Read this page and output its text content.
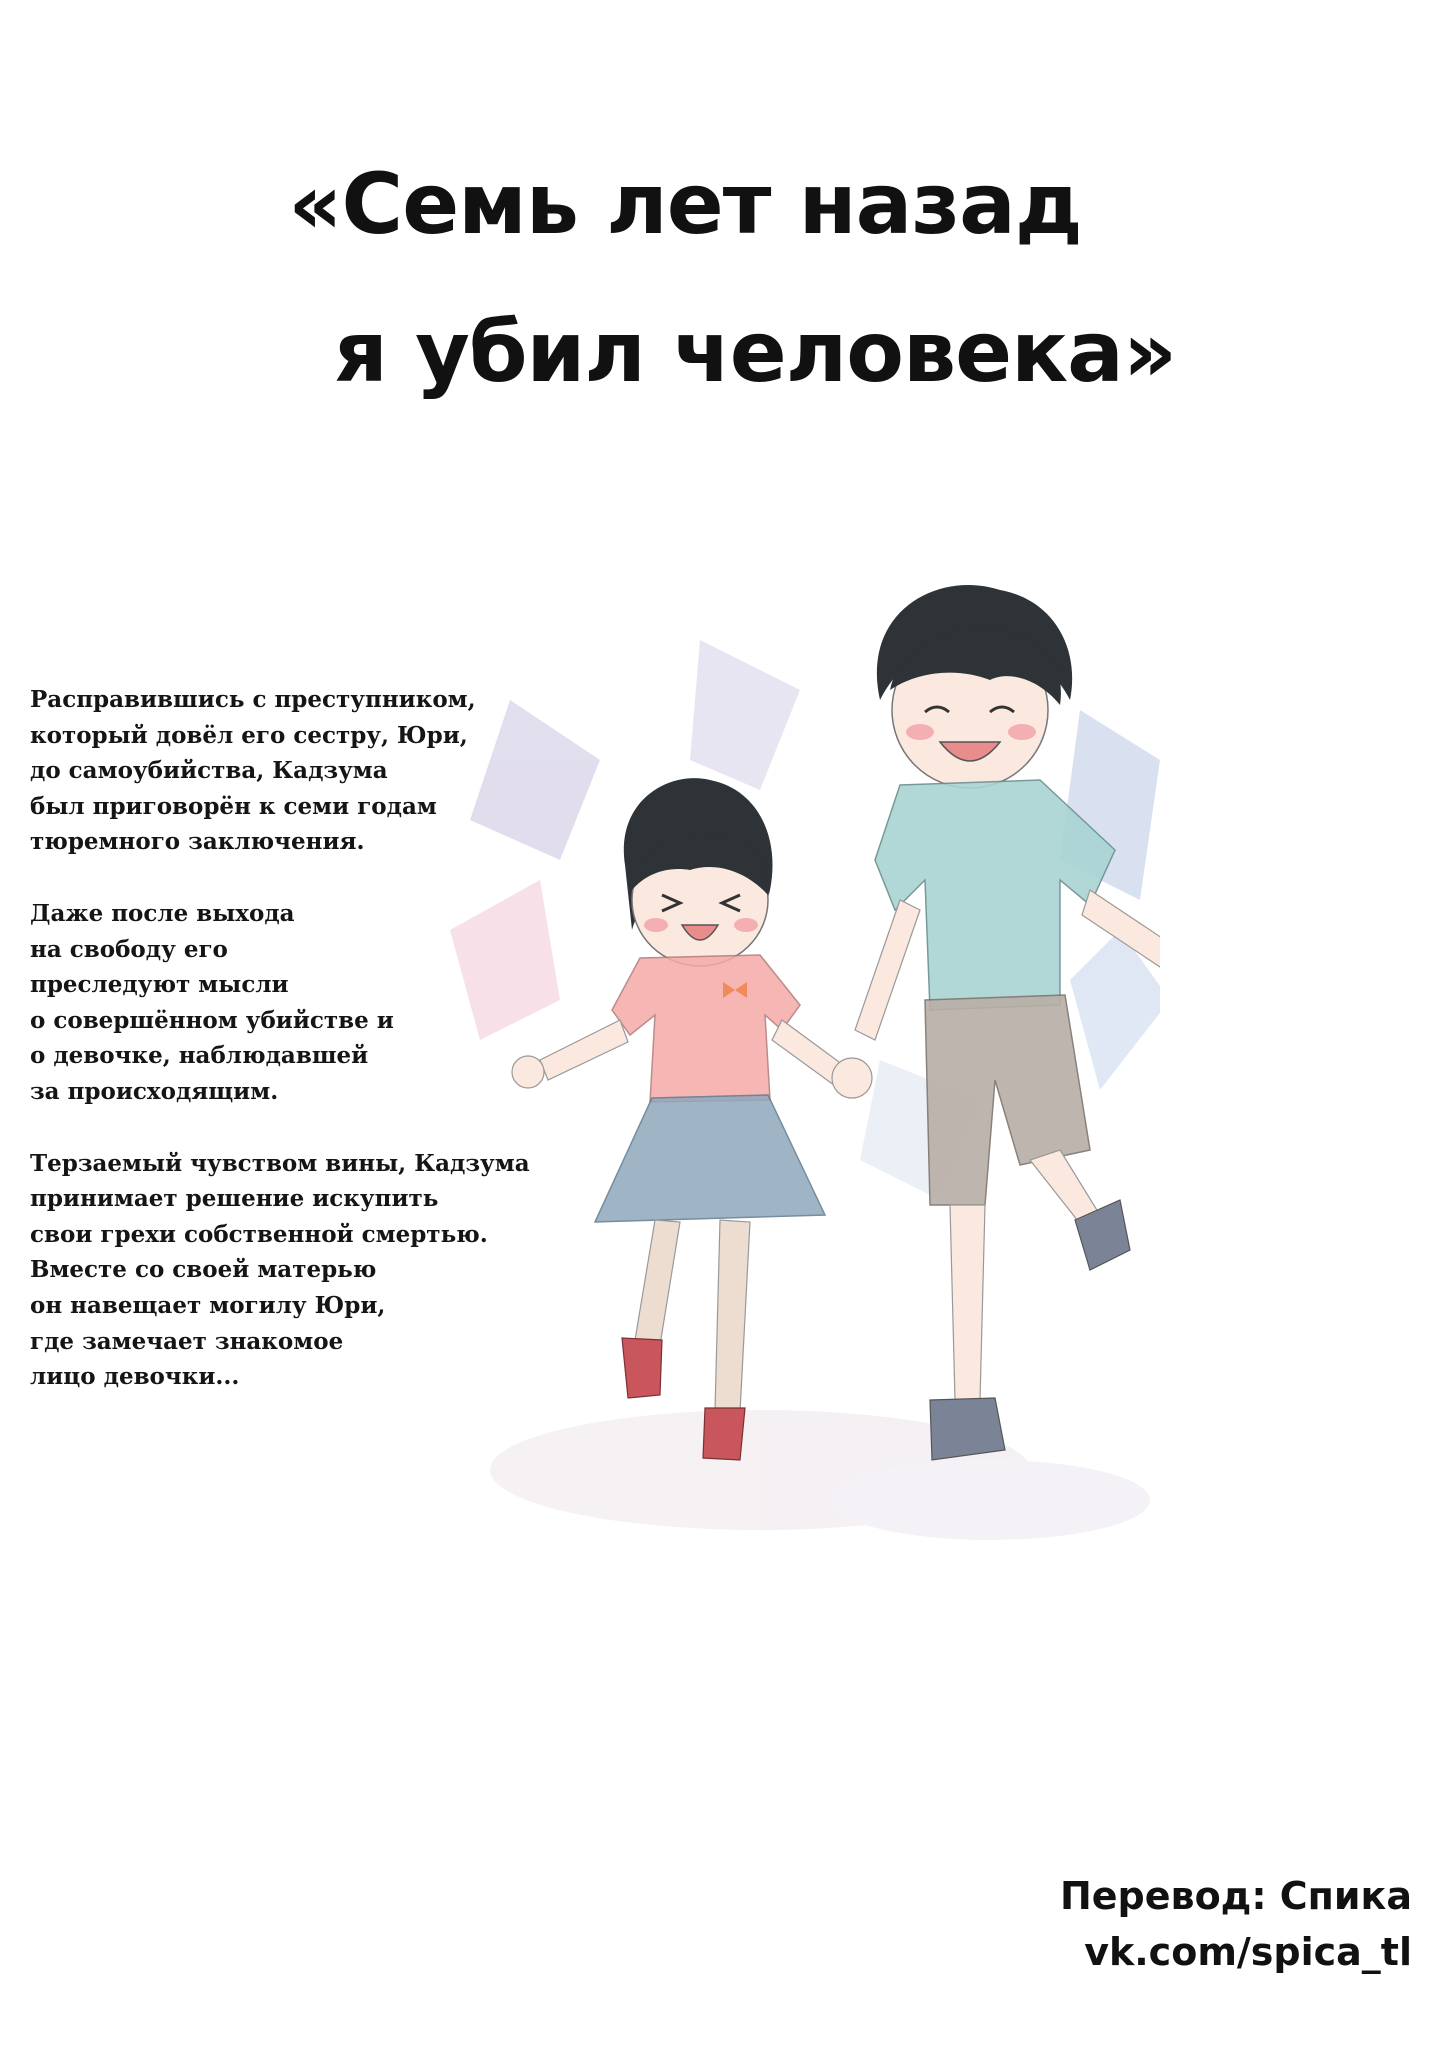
«Семь лет назад
я убил человека»

Расправившись с преступником,
который довёл его сестру, Юри,
до самоубийства, Кадзума
был приговорён к семи годам
тюремного заключения.

Даже после выхода
на свободу его
преследуют мысли
о совершённом убийстве и
о девочке, наблюдавшей
за происходящим.

Терзаемый чувством вины, Кадзума
принимает решение искупить
свои грехи собственной смертью.
Вместе со своей матерью
он навещает могилу Юри,
где замечает знакомое
лицо девочки...

Перевод: Спика
vk.com/spica_tl
